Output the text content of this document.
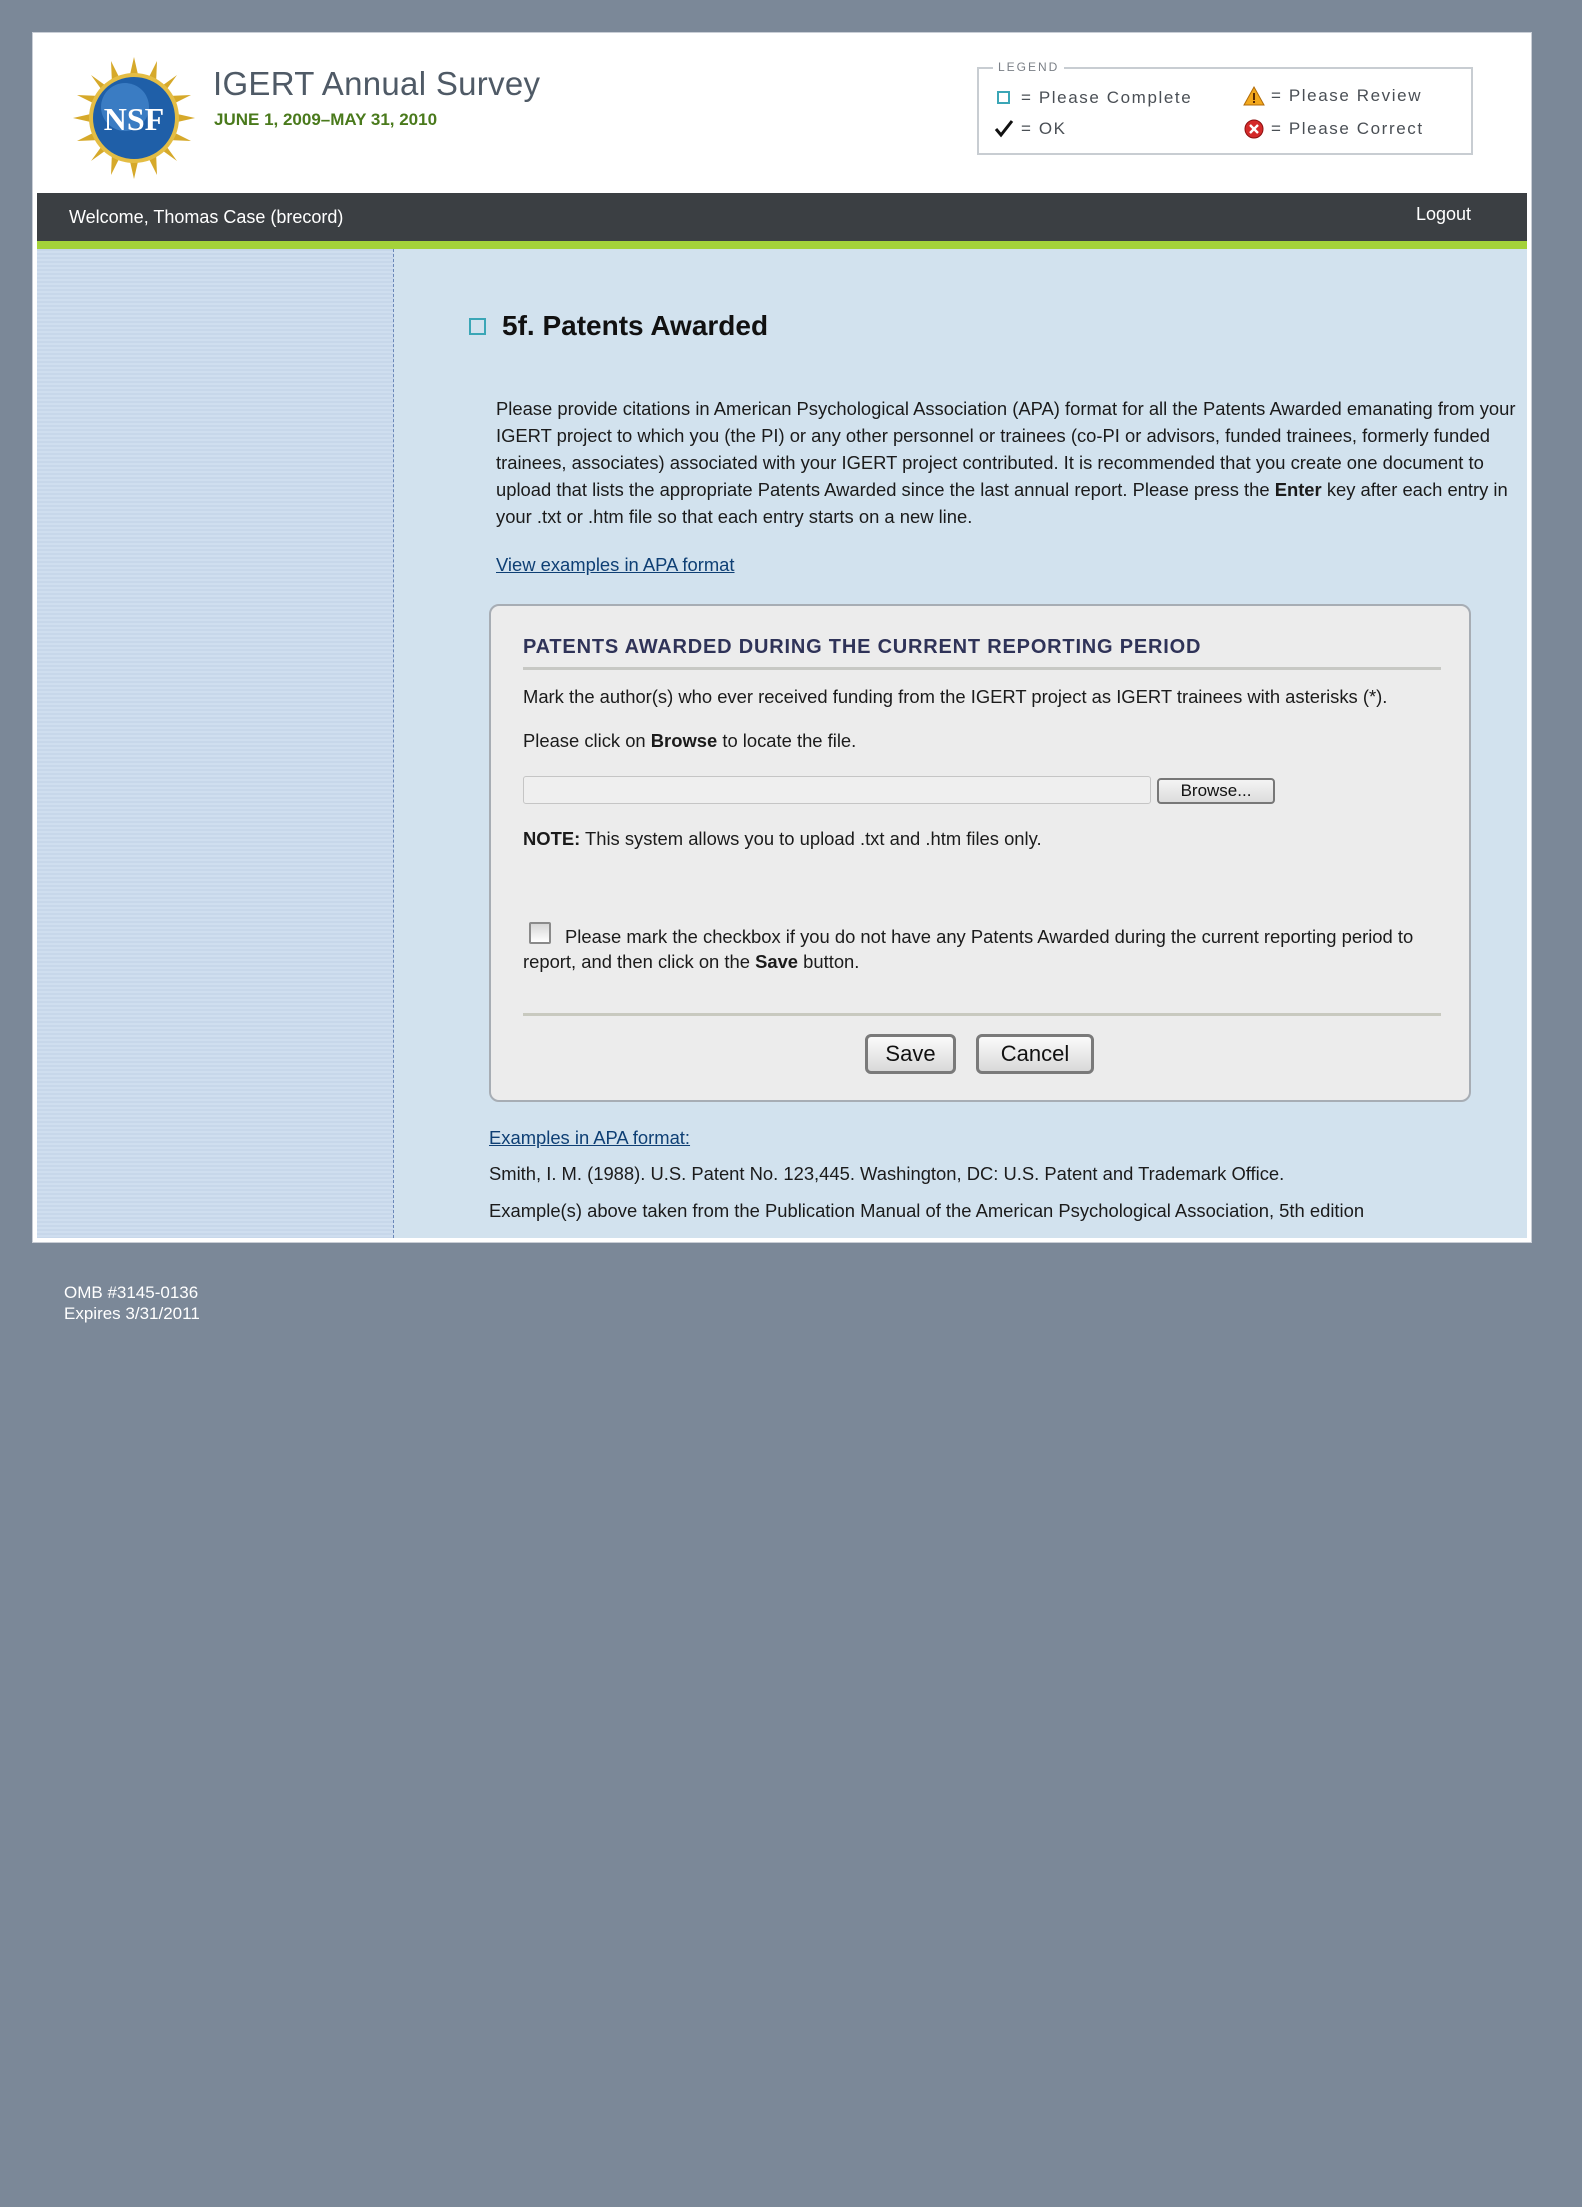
NSF
IGERT Annual Survey
JUNE 1, 2009–MAY 31, 2010
LEGEND
= Please Complete	= Please Review
= OK	= Please Correct
Welcome, Thomas Case (brecord)	Logout
5f. Patents Awarded
Please provide citations in American Psychological Association (APA) format for all the Patents Awarded emanating from your IGERT project to which you (the PI) or any other personnel or trainees (co-PI or advisors, funded trainees, formerly funded trainees, associates) associated with your IGERT project contributed. It is recommended that you create one document to upload that lists the appropriate Patents Awarded since the last annual report. Please press the Enter key after each entry in your .txt or .htm file so that each entry starts on a new line.
View examples in APA format
PATENTS AWARDED DURING THE CURRENT REPORTING PERIOD
Mark the author(s) who ever received funding from the IGERT project as IGERT trainees with asterisks (*).
Please click on Browse to locate the file.
Browse...
NOTE: This system allows you to upload .txt and .htm files only.
Please mark the checkbox if you do not have any Patents Awarded during the current reporting period to report, and then click on the Save button.
Save	Cancel
Examples in APA format:
Smith, I. M. (1988). U.S. Patent No. 123,445. Washington, DC: U.S. Patent and Trademark Office.
Example(s) above taken from the Publication Manual of the American Psychological Association, 5th edition
OMB #3145-0136
Expires 3/31/2011
